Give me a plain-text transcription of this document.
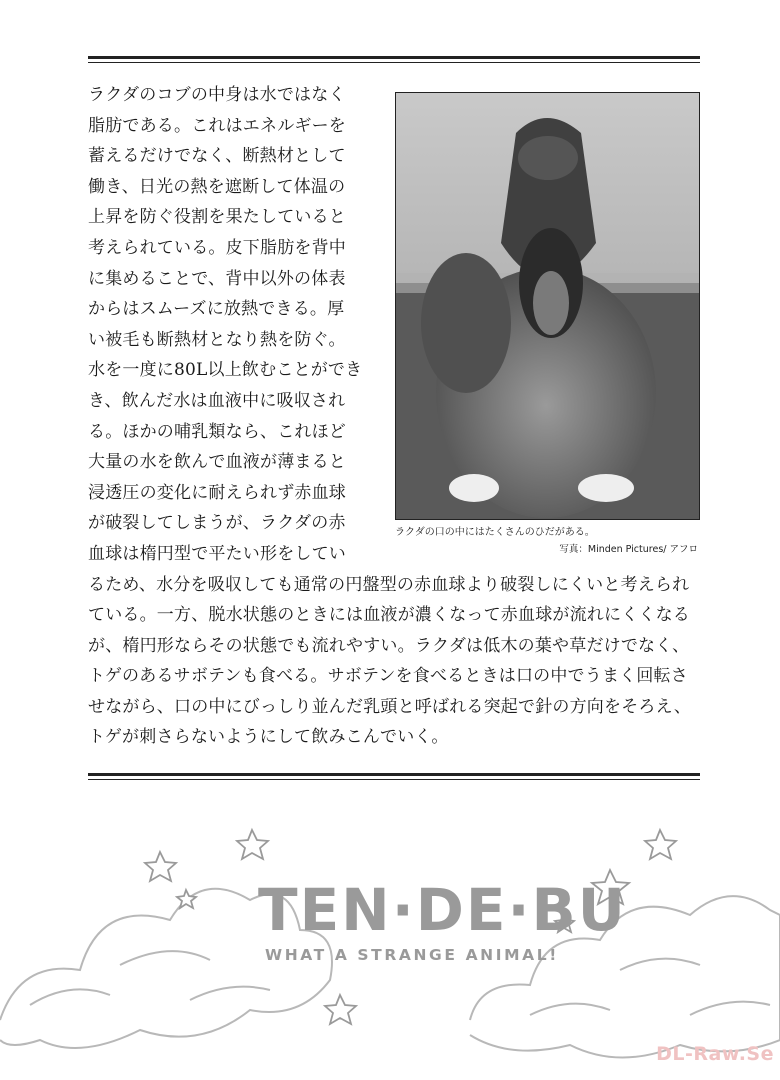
ラクダのコブの中身は水ではなく
脂肪である。これはエネルギーを
蓄えるだけでなく、断熱材として
働き、日光の熱を遮断して体温の
上昇を防ぐ役割を果たしていると
考えられている。皮下脂肪を背中
に集めることで、背中以外の体表
からはスムーズに放熱できる。厚
い被毛も断熱材となり熱を防ぐ。
水を一度に80L以上飲むことができ
き、飲んだ水は血液中に吸収され
る。ほかの哺乳類なら、これほど
大量の水を飲んで血液が薄まると
浸透圧の変化に耐えられず赤血球
が破裂してしまうが、ラクダの赤
血球は楕円型で平たい形をしてい
るため、水分を吸収しても通常の円盤型の赤血球より破裂しにくいと考えられ
ている。一方、脱水状態のときには血液が濃くなって赤血球が流れにくくなる
が、楕円形ならその状態でも流れやすい。ラクダは低木の葉や草だけでなく、
トゲのあるサボテンも食べる。サボテンを食べるときは口の中でうまく回転さ
せながら、口の中にびっしり並んだ乳頭と呼ばれる突起で針の方向をそろえ、
トゲが刺さらないようにして飲みこんでいく。
ラクダの口の中にはたくさんのひだがある。
写真：Minden Pictures/ アフロ
TEN·DE·BU
WHAT A STRANGE ANIMAL!
DL-Raw.Se
